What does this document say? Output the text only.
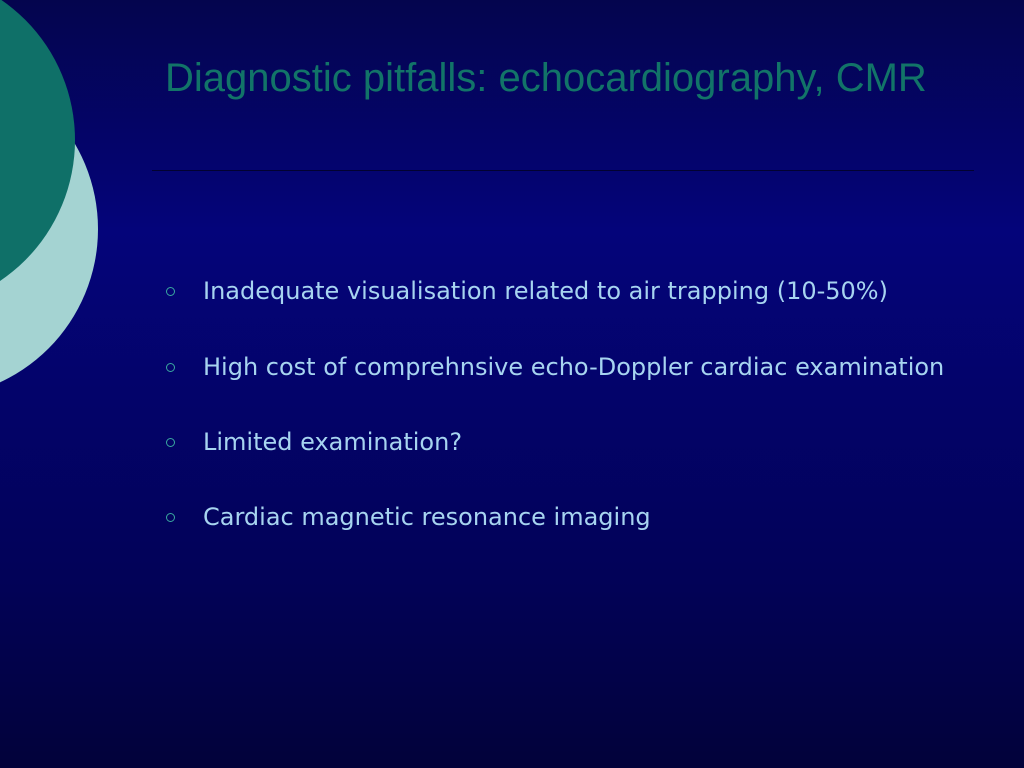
Diagnostic pitfalls: echocardiography, CMR
Inadequate visualisation related to air trapping (10-50%)
High cost of comprehnsive echo-Doppler cardiac examination
Limited examination?
Cardiac magnetic resonance imaging
